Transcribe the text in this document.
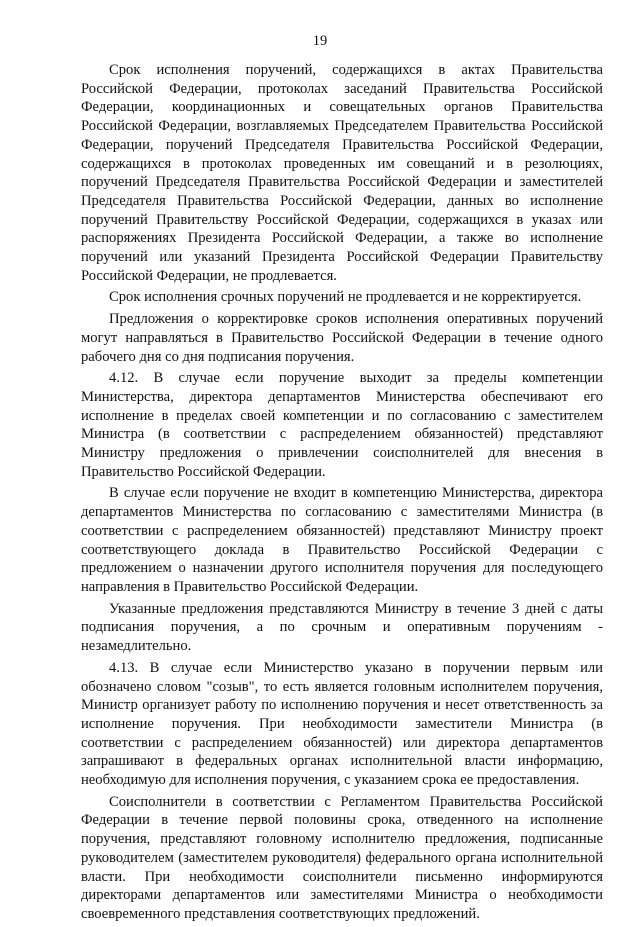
19

Срок исполнения поручений, содержащихся в актах Правительства Российской Федерации, протоколах заседаний Правительства Российской Федерации, координационных и совещательных органов Правительства Российской Федерации, возглавляемых Председателем Правительства Российской Федерации, поручений Председателя Правительства Российской Федерации, содержащихся в протоколах проведенных им совещаний и в резолюциях, поручений Председателя Правительства Российской Федерации и заместителей Председателя Правительства Российской Федерации, данных во исполнение поручений Правительству Российской Федерации, содержащихся в указах или распоряжениях Президента Российской Федерации, а также во исполнение поручений или указаний Президента Российской Федерации Правительству Российской Федерации, не продлевается.

Срок исполнения срочных поручений не продлевается и не корректируется.

Предложения о корректировке сроков исполнения оперативных поручений могут направляться в Правительство Российской Федерации в течение одного рабочего дня со дня подписания поручения.

4.12. В случае если поручение выходит за пределы компетенции Министерства, директора департаментов Министерства обеспечивают его исполнение в пределах своей компетенции и по согласованию с заместителем Министра (в соответствии с распределением обязанностей) представляют Министру предложения о привлечении соисполнителей для внесения в Правительство Российской Федерации.

В случае если поручение не входит в компетенцию Министерства, директора департаментов Министерства по согласованию с заместителями Министра (в соответствии с распределением обязанностей) представляют Министру проект соответствующего доклада в Правительство Российской Федерации с предложением о назначении другого исполнителя поручения для последующего направления в Правительство Российской Федерации.

Указанные предложения представляются Министру в течение 3 дней с даты подписания поручения, а по срочным и оперативным поручениям - незамедлительно.

4.13. В случае если Министерство указано в поручении первым или обозначено словом "созыв", то есть является головным исполнителем поручения, Министр организует работу по исполнению поручения и несет ответственность за исполнение поручения. При необходимости заместители Министра (в соответствии с распределением обязанностей) или директора департаментов запрашивают в федеральных органах исполнительной власти информацию, необходимую для исполнения поручения, с указанием срока ее предоставления.

Соисполнители в соответствии с Регламентом Правительства Российской Федерации в течение первой половины срока, отведенного на исполнение поручения, представляют головному исполнителю предложения, подписанные руководителем (заместителем руководителя) федерального органа исполнительной власти. При необходимости соисполнители письменно информируются директорами департаментов или заместителями Министра о необходимости своевременного представления соответствующих предложений.
